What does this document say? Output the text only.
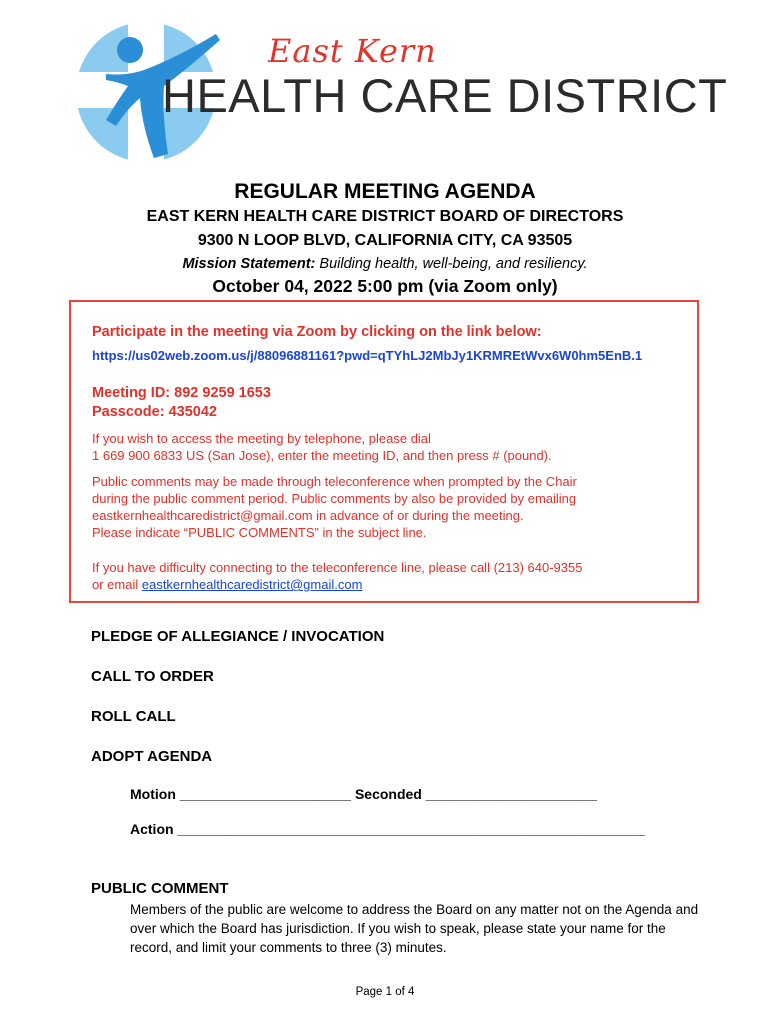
East Kern
HEALTH CARE DISTRICT
REGULAR MEETING AGENDA
EAST KERN HEALTH CARE DISTRICT BOARD OF DIRECTORS
9300 N LOOP BLVD, CALIFORNIA CITY, CA 93505
Mission Statement: Building health, well-being, and resiliency.
October 04, 2022 5:00 pm (via Zoom only)
Participate in the meeting via Zoom by clicking on the link below:
https://us02web.zoom.us/j/88096881161?pwd=qTYhLJ2MbJy1KRMREtWvx6W0hm5EnB.1
Meeting ID: 892 9259 1653
Passcode: 435042
If you wish to access the meeting by telephone, please dial
1 669 900 6833 US (San Jose), enter the meeting ID, and then press # (pound).
Public comments may be made through teleconference when prompted by the Chair
during the public comment period. Public comments by also be provided by emailing
eastkernhealthcaredistrict@gmail.com in advance of or during the meeting.
Please indicate “PUBLIC COMMENTS” in the subject line.
If you have difficulty connecting to the teleconference line, please call (213) 640-9355
or email eastkernhealthcaredistrict@gmail.com
PLEDGE OF ALLEGIANCE / INVOCATION
CALL TO ORDER
ROLL CALL
ADOPT AGENDA
Motion ______________________ Seconded ______________________
Action ____________________________________________________________
PUBLIC COMMENT
Members of the public are welcome to address the Board on any matter not on the Agenda and over which the Board has jurisdiction. If you wish to speak, please state your name for the record, and limit your comments to three (3) minutes.
Page 1 of 4
